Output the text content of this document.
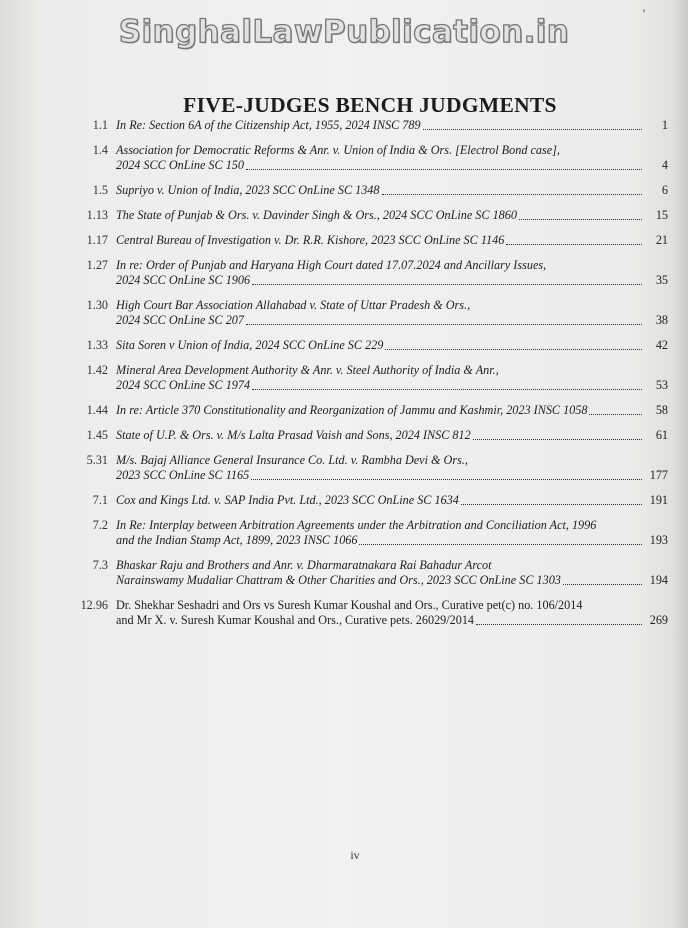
’
SinghalLawPublication.in
FIVE-JUDGES BENCH JUDGMENTS
1.1 In Re: Section 6A of the Citizenship Act, 1955, 2024 INSC 789	1
1.4 Association for Democratic Reforms & Anr. v. Union of India & Ors. [Electrol Bond case],
2024 SCC OnLine SC 150	4
1.5 Supriyo v. Union of India, 2023 SCC OnLine SC 1348	6
1.13 The State of Punjab & Ors. v. Davinder Singh & Ors., 2024 SCC OnLine SC 1860	15
1.17 Central Bureau of Investigation v. Dr. R.R. Kishore, 2023 SCC OnLine SC 1146	21
1.27 In re: Order of Punjab and Haryana High Court dated 17.07.2024 and Ancillary Issues,
2024 SCC OnLine SC 1906	35
1.30 High Court Bar Association Allahabad v. State of Uttar Pradesh & Ors.,
2024 SCC OnLine SC 207	38
1.33 Sita Soren v Union of India, 2024 SCC OnLine SC 229	42
1.42 Mineral Area Development Authority & Anr. v. Steel Authority of India & Anr.,
2024 SCC OnLine SC 1974	53
1.44 In re: Article 370 Constitutionality and Reorganization of Jammu and Kashmir, 2023 INSC 1058	58
1.45 State of U.P. & Ors. v. M/s Lalta Prasad Vaish and Sons, 2024 INSC 812	61
5.31 M/s. Bajaj Alliance General Insurance Co. Ltd. v. Rambha Devi & Ors.,
2023 SCC OnLine SC 1165	177
7.1 Cox and Kings Ltd. v. SAP India Pvt. Ltd., 2023 SCC OnLine SC 1634	191
7.2 In Re: Interplay between Arbitration Agreements under the Arbitration and Conciliation Act, 1996
and the Indian Stamp Act, 1899, 2023 INSC 1066	193
7.3 Bhaskar Raju and Brothers and Anr. v. Dharmaratnakara Rai Bahadur Arcot
Narainswamy Mudaliar Chattram & Other Charities and Ors., 2023 SCC OnLine SC 1303	194
12.96 Dr. Shekhar Seshadri and Ors vs Suresh Kumar Koushal and Ors., Curative pet(c) no. 106/2014
and Mr X. v. Suresh Kumar Koushal and Ors., Curative pets. 26029/2014	269
iv
